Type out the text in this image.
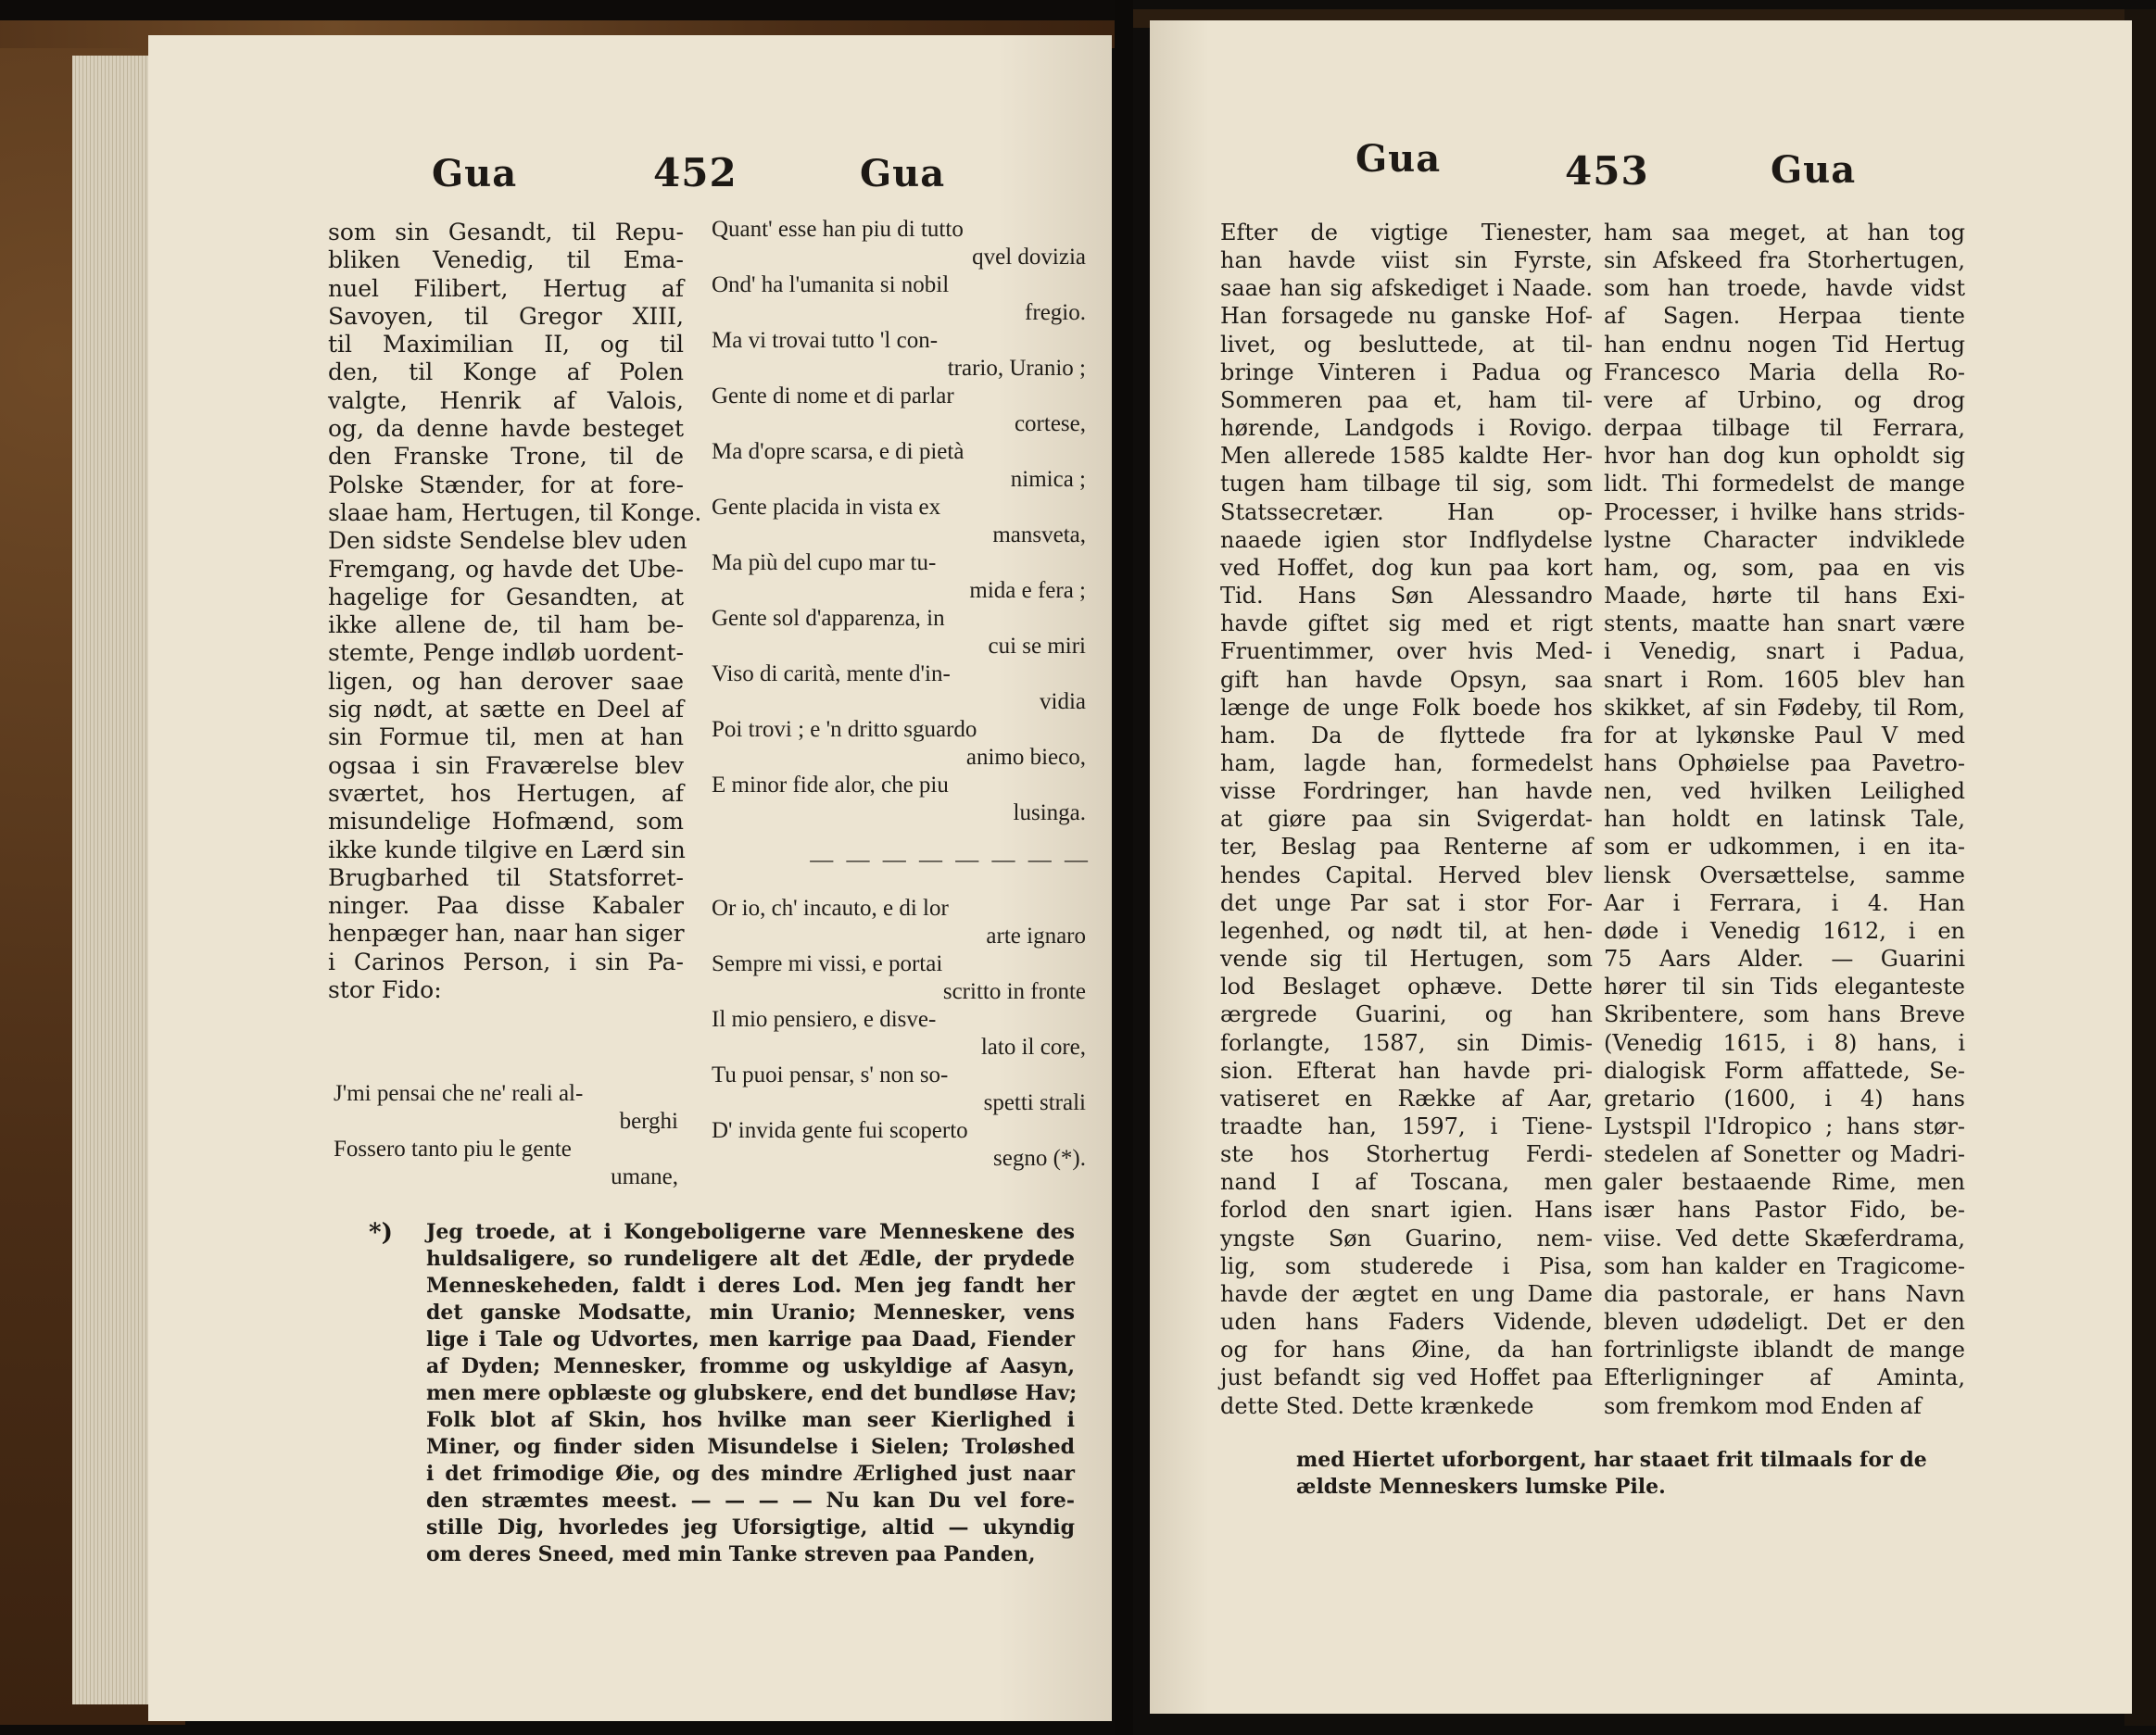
Gua	452	Gua
som sin Gesandt, til Repu-
bliken Venedig, til Ema-
nuel Filibert, Hertug af
Savoyen, til Gregor XIII,
til Maximilian II, og til
den, til Konge af Polen
valgte, Henrik af Valois,
og, da denne havde besteget
den Franske Trone, til de
Polske Stænder, for at fore-
slaae ham, Hertugen, til Konge.
Den sidste Sendelse blev uden
Fremgang, og havde det Ube-
hagelige for Gesandten, at
ikke allene de, til ham be-
stemte, Penge indløb uordent-
ligen, og han derover saae
sig nødt, at sætte en Deel af
sin Formue til, men at han
ogsaa i sin Fraværelse blev
sværtet, hos Hertugen, af
misundelige Hofmænd, som
ikke kunde tilgive en Lærd sin
Brugbarhed til Statsforret-
ninger. Paa disse Kabaler
henpæger han, naar han siger
i Carinos Person, i sin Pa-
stor Fido:
J'mi pensai che ne' reali al-
berghi
Fossero tanto piu le gente
umane,
Quant' esse han piu di tutto
qvel dovizia
Ond' ha l'umanita si nobil
fregio.
Ma vi trovai tutto 'l con-
trario, Uranio ;
Gente di nome et di parlar
cortese,
Ma d'opre scarsa, e di pietà
nimica ;
Gente placida in vista ex
mansveta,
Ma più del cupo mar tu-
mida e fera ;
Gente sol d'apparenza, in
cui se miri
Viso di carità, mente d'in-
vidia
Poi trovi ; e 'n dritto sguardo
animo bieco,
E minor fide alor, che piu
lusinga.
— — — — — — — —
Or io, ch' incauto, e di lor
arte ignaro
Sempre mi vissi, e portai
scritto in fronte
Il mio pensiero, e disve-
lato il core,
Tu puoi pensar, s' non so-
spetti strali
D' invida gente fui scoperto
segno (*).
*) Jeg troede, at i Kongeboligerne vare Menneskene des
huldsaligere, so rundeligere alt det Ædle, der prydede
Menneskeheden, faldt i deres Lod. Men jeg fandt her
det ganske Modsatte, min Uranio; Mennesker, vens
lige i Tale og Udvortes, men karrige paa Daad, Fiender
af Dyden; Mennesker, fromme og uskyldige af Aasyn,
men mere opblæste og glubskere, end det bundløse Hav;
Folk blot af Skin, hos hvilke man seer Kierlighed i
Miner, og finder siden Misundelse i Sielen; Troløshed
i det frimodige Øie, og des mindre Ærlighed just naar
den stræmtes meest. — — — — Nu kan Du vel fore-
stille Dig, hvorledes jeg Uforsigtige, altid — ukyndig
om deres Sneed, med min Tanke streven paa Panden,
Gua	453	Gua
Efter de vigtige Tienester,
han havde viist sin Fyrste,
saae han sig afskediget i Naade.
Han forsagede nu ganske Hof-
livet, og besluttede, at til-
bringe Vinteren i Padua og
Sommeren paa et, ham til-
hørende, Landgods i Rovigo.
Men allerede 1585 kaldte Her-
tugen ham tilbage til sig, som
Statssecretær. Han op-
naaede igien stor Indflydelse
ved Hoffet, dog kun paa kort
Tid. Hans Søn Alessandro
havde giftet sig med et rigt
Fruentimmer, over hvis Med-
gift han havde Opsyn, saa
længe de unge Folk boede hos
ham. Da de flyttede fra
ham, lagde han, formedelst
visse Fordringer, han havde
at giøre paa sin Svigerdat-
ter, Beslag paa Renterne af
hendes Capital. Herved blev
det unge Par sat i stor For-
legenhed, og nødt til, at hen-
vende sig til Hertugen, som
lod Beslaget ophæve. Dette
ærgrede Guarini, og han
forlangte, 1587, sin Dimis-
sion. Efterat han havde pri-
vatiseret en Række af Aar,
traadte han, 1597, i Tiene-
ste hos Storhertug Ferdi-
nand I af Toscana, men
forlod den snart igien. Hans
yngste Søn Guarino, nem-
lig, som studerede i Pisa,
havde der ægtet en ung Dame
uden hans Faders Vidende,
og for hans Øine, da han
just befandt sig ved Hoffet paa
dette Sted. Dette krænkede
ham saa meget, at han tog
sin Afskeed fra Storhertugen,
som han troede, havde vidst
af Sagen. Herpaa tiente
han endnu nogen Tid Hertug
Francesco Maria della Ro-
vere af Urbino, og drog
derpaa tilbage til Ferrara,
hvor han dog kun opholdt sig
lidt. Thi formedelst de mange
Processer, i hvilke hans strids-
lystne Character indviklede
ham, og, som, paa en vis
Maade, hørte til hans Exi-
stents, maatte han snart være
i Venedig, snart i Padua,
snart i Rom. 1605 blev han
skikket, af sin Fødeby, til Rom,
for at lykønske Paul V med
hans Ophøielse paa Pavetro-
nen, ved hvilken Leilighed
han holdt en latinsk Tale,
som er udkommen, i en ita-
liensk Oversættelse, samme
Aar i Ferrara, i 4. Han
døde i Venedig 1612, i en
75 Aars Alder. — Guarini
hører til sin Tids eleganteste
Skribentere, som hans Breve
(Venedig 1615, i 8) hans, i
dialogisk Form affattede, Se-
gretario (1600, i 4) hans
Lystspil l'Idropico ; hans stør-
stedelen af Sonetter og Madri-
galer bestaaende Rime, men
især hans Pastor Fido, be-
viise. Ved dette Skæferdrama,
som han kalder en Tragicome-
dia pastorale, er hans Navn
bleven udødeligt. Det er den
fortrinligste iblandt de mange
Efterligninger af Aminta,
som fremkom mod Enden af
med Hiertet uforborgent, har staaet frit tilmaals for de
ældste Menneskers lumske Pile.
